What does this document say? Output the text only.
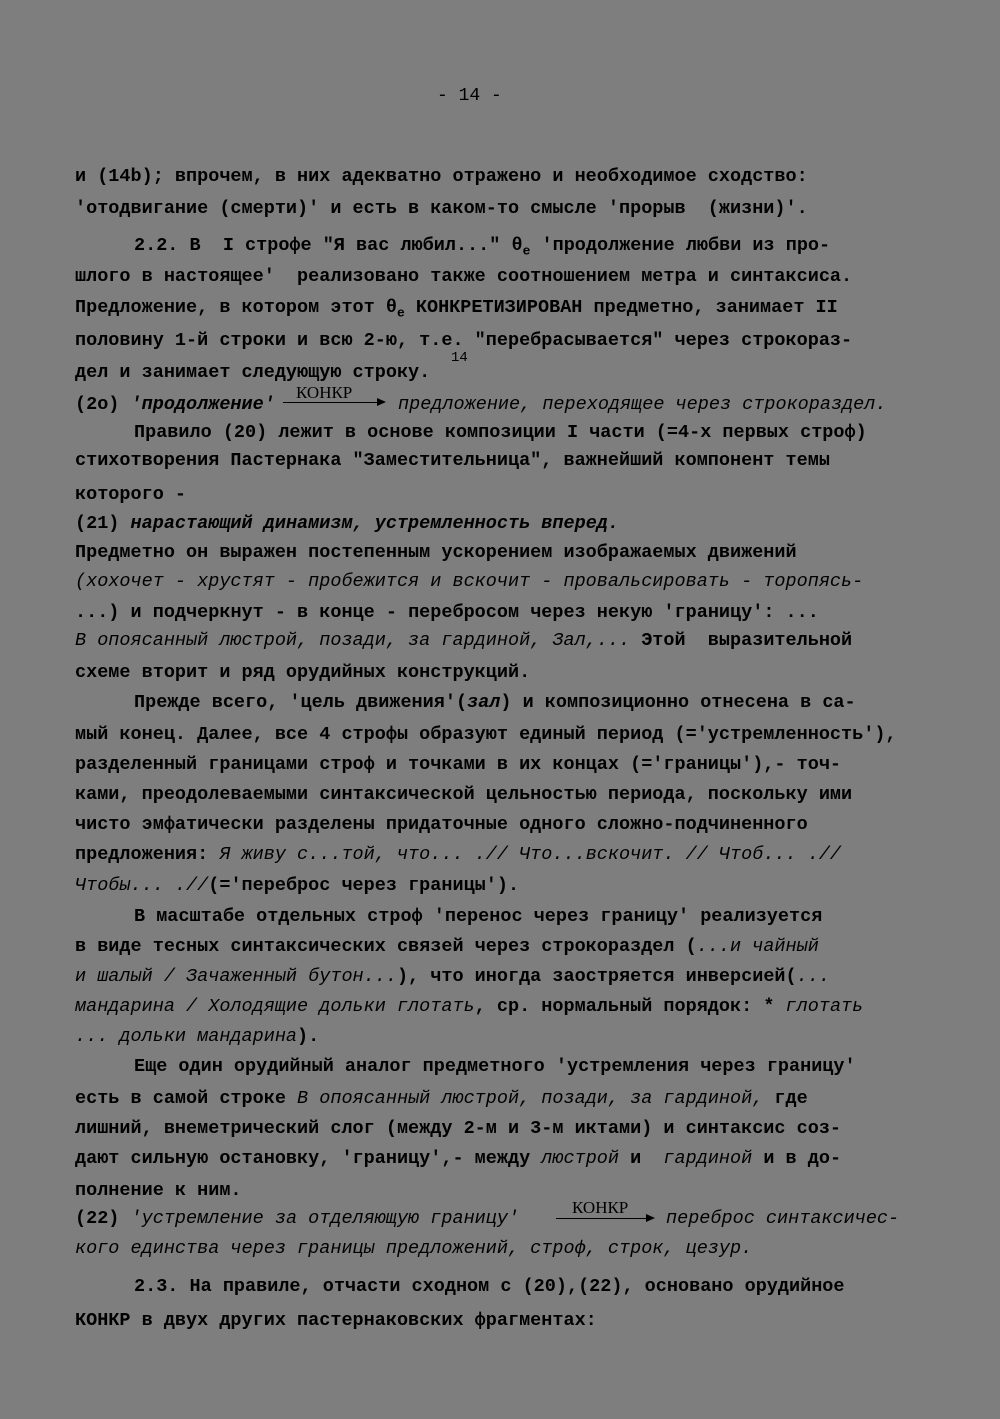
- 14 -
и (14b); впрочем, в них адекватно отражено и необходимое сходство:
'отодвигание (смерти)' и есть в каком-то смысле 'прорыв  (жизни)'.
2.2. В  I строфе "Я вас любил..." $\theta_e$ 'продолжение любви из про-
шлого в настоящее'  реализовано также соотношением метра и синтаксиса.
Предложение, в котором этот $\theta_e$ КОНКРЕТИЗИРОВАН предметно, занимает II
половину 1-й строки и всю 2-ю, т.е. "перебрасывается" через строкораз-
дел и занимает следующую строку.
14
КОНКР
(2о) 'продолжение'	предложение, переходящее через строкораздел.
Правило (20) лежит в основе композиции I части (=4-х первых строф)
стихотворения Пастернака "Заместительница", важнейший компонент темы
которого -
(21) нарастающий динамизм, устремленность вперед.
Предметно он выражен постепенным ускорением изображаемых движений
(хохочет - хрустят - пробежится и вскочит - провальсировать - торопясь-
...) и подчеркнут - в конце - перебросом через некую 'границу': ...
В опоясанный люстрой, позади, за гардиной, Зал,... Этой  выразительной
схеме вторит и ряд орудийных конструкций.
Прежде всего, 'цель движения'(зал) и композиционно отнесена в са-
мый конец. Далее, все 4 строфы образуют единый период (='устремленность'),
разделенный границами строф и точками в их концах (='границы'),- точ-
ками, преодолеваемыми синтаксической цельностью периода, поскольку ими
чисто эмфатически разделены придаточные одного сложно-подчиненного
предложения: Я живу с...той, что... .// Что...вскочит. // Чтоб... .//
Чтобы... .//(='переброс через границы').
В масштабе отдельных строф 'перенос через границу' реализуется
в виде тесных синтаксических связей через строкораздел (...и чайный
и шалый / Зачаженный бутон...), что иногда заостряется инверсией(...
мандарина / Холодящие дольки глотать, ср. нормальный порядок: * глотать
... дольки мандарина).
Еще один орудийный аналог предметного 'устремления через границу'
есть в самой строке В опоясанный люстрой, позади, за гардиной, где
лишний, внеметрический слог (между 2-м и 3-м иктами) и синтаксис соз-
дают сильную остановку, 'границу',- между люстрой и  гардиной и в до-
полнение к ним.
КОНКР
(22) 'устремление за отделяющую границу'	переброс синтаксичес-
кого единства через границы предложений, строф, строк, цезур.
2.3. На правиле, отчасти сходном с (20),(22), основано орудийное
КОНКР в двух других пастернаковских фрагментах:
